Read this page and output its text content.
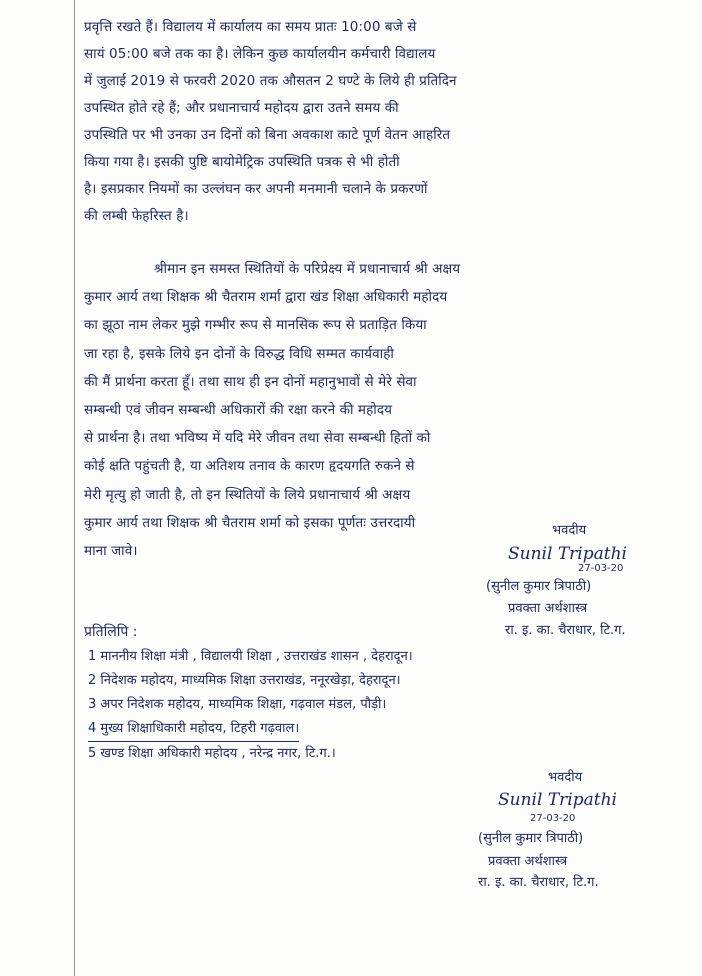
प्रवृत्ति रखते हैं। विद्यालय में कार्यालय का समय प्रातः 10:00 बजे से
सायं 05:00 बजे तक का है। लेकिन कुछ कार्यालयीन कर्मचारी विद्यालय
में जुलाई 2019 से फरवरी 2020 तक औसतन 2 घण्टे के लिये ही प्रतिदिन
उपस्थित होते रहे हैं; और प्रधानाचार्य महोदय द्वारा उतने समय की
उपस्थिति पर भी उनका उन दिनों को बिना अवकाश काटे पूर्ण वेतन आहरित
किया गया है। इसकी पुष्टि बायोमेट्रिक उपस्थिति पत्रक से भी होती
है। इसप्रकार नियमों का उल्लंघन कर अपनी मनमानी चलाने के प्रकरणों
की लम्बी फेहरिस्त है।
श्रीमान इन समस्त स्थितियों के परिप्रेक्ष्य में प्रधानाचार्य श्री अक्षय
कुमार आर्य तथा शिक्षक श्री चैतराम शर्मा द्वारा खंड शिक्षा अधिकारी महोदय
का झूठा नाम लेकर मुझे गम्भीर रूप से मानसिक रूप से प्रताड़ित किया
जा रहा है, इसके लिये इन दोनों के विरुद्ध विधि सम्मत कार्यवाही
की मैं प्रार्थना करता हूँ। तथा साथ ही इन दोनों महानुभावों से मेरे सेवा
सम्बन्धी एवं जीवन सम्बन्धी अधिकारों की रक्षा करने की महोदय
से प्रार्थना है। तथा भविष्य में यदि मेरे जीवन तथा सेवा सम्बन्धी हितों को
कोई क्षति पहुंचती है, या अतिशय तनाव के कारण हृदयगति रुकने से
मेरी मृत्यु हो जाती है, तो इन स्थितियों के लिये प्रधानाचार्य श्री अक्षय
कुमार आर्य तथा शिक्षक श्री चैतराम शर्मा को इसका पूर्णतः उत्तरदायी
माना जावे।
भवदीय
Sunil Tripathi
27-03-20
(सुनील कुमार त्रिपाठी)
प्रवक्ता अर्थशास्त्र
रा. इ. का. चैराधार, टि.ग.
प्रतिलिपि :
1 माननीय शिक्षा मंत्री , विद्यालयी शिक्षा , उत्तराखंड शासन , देहरादून।
2 निदेशक महोदय, माध्यमिक शिक्षा उत्तराखंड, ननूरखेड़ा, देहरादून।
3 अपर निदेशक महोदय, माध्यमिक शिक्षा, गढ़वाल मंडल, पौड़ी।
4 मुख्य शिक्षाधिकारी महोदय, टिहरी गढ़वाल।
5 खण्ड शिक्षा अधिकारी महोदय , नरेन्द्र नगर, टि.ग.।
भवदीय
Sunil Tripathi
27-03-20
(सुनील कुमार त्रिपाठी)
प्रवक्ता अर्थशास्त्र
रा. इ. का. चैराधार, टि.ग.
